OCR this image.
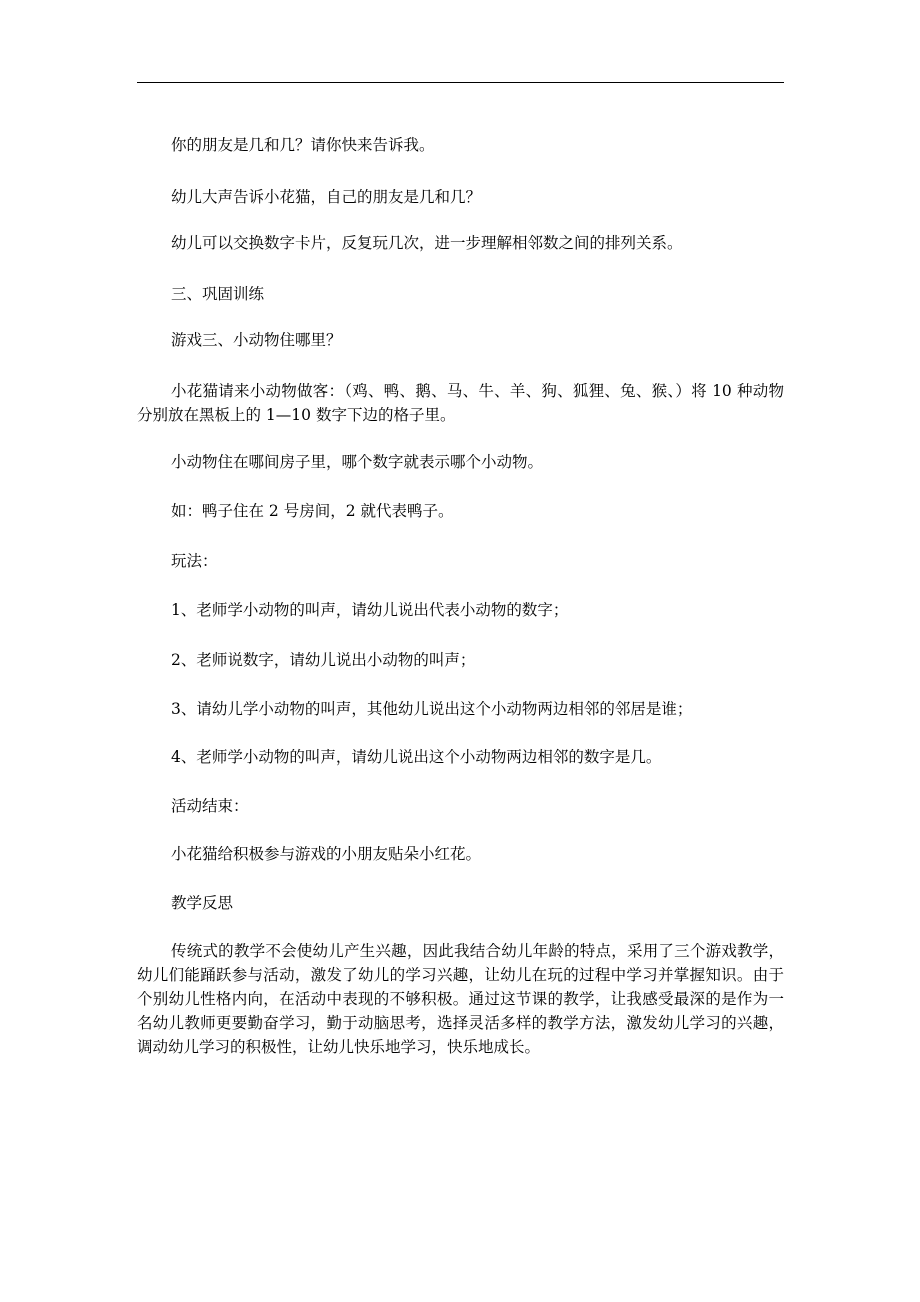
你的朋友是几和几？请你快来告诉我。

幼儿大声告诉小花猫，自己的朋友是几和几？

幼儿可以交换数字卡片，反复玩几次，进一步理解相邻数之间的排列关系。

三、巩固训练

游戏三、小动物住哪里？

小花猫请来小动物做客：（鸡、鸭、鹅、马、牛、羊、狗、狐狸、兔、猴、）将 10 种动物分别放在黑板上的 1—10 数字下边的格子里。

小动物住在哪间房子里，哪个数字就表示哪个小动物。

如：鸭子住在 2 号房间，2 就代表鸭子。

玩法：

1、老师学小动物的叫声，请幼儿说出代表小动物的数字；

2、老师说数字，请幼儿说出小动物的叫声；

3、请幼儿学小动物的叫声，其他幼儿说出这个小动物两边相邻的邻居是谁；

4、老师学小动物的叫声，请幼儿说出这个小动物两边相邻的数字是几。

活动结束：

小花猫给积极参与游戏的小朋友贴朵小红花。

教学反思

传统式的教学不会使幼儿产生兴趣，因此我结合幼儿年龄的特点，采用了三个游戏教学，幼儿们能踊跃参与活动，激发了幼儿的学习兴趣，让幼儿在玩的过程中学习并掌握知识。由于个别幼儿性格内向，在活动中表现的不够积极。通过这节课的教学，让我感受最深的是作为一名幼儿教师更要勤奋学习，勤于动脑思考，选择灵活多样的教学方法，激发幼儿学习的兴趣，调动幼儿学习的积极性，让幼儿快乐地学习，快乐地成长。
